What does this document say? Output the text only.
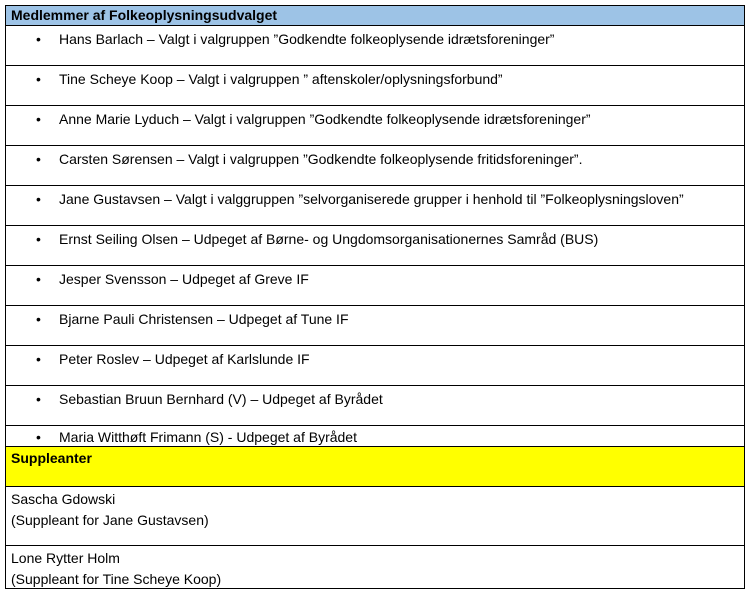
Medlemmer af Folkeoplysningsudvalget

• Hans Barlach – Valgt i valgruppen ”Godkendte folkeoplysende idrætsforeninger”

• Tine Scheye Koop – Valgt i valgruppen ” aftenskoler/oplysningsforbund”

• Anne Marie Lyduch – Valgt i valgruppen ”Godkendte folkeoplysende idrætsforeninger”

• Carsten Sørensen – Valgt i valgruppen ”Godkendte folkeoplysende fritidsforeninger”.

• Jane Gustavsen – Valgt i valggruppen ”selvorganiserede grupper i henhold til ”Folkeoplysningsloven”

• Ernst Seiling Olsen – Udpeget af Børne- og Ungdomsorganisationernes Samråd (BUS)

• Jesper Svensson – Udpeget af Greve IF

• Bjarne Pauli Christensen – Udpeget af Tune IF

• Peter Roslev – Udpeget af Karlslunde IF

• Sebastian Bruun Bernhard (V) – Udpeget af Byrådet

• Maria Witthøft Frimann (S) - Udpeget af Byrådet

Suppleanter

Sascha Gdowski
(Suppleant for Jane Gustavsen)

Lone Rytter Holm
(Suppleant for Tine Scheye Koop)
